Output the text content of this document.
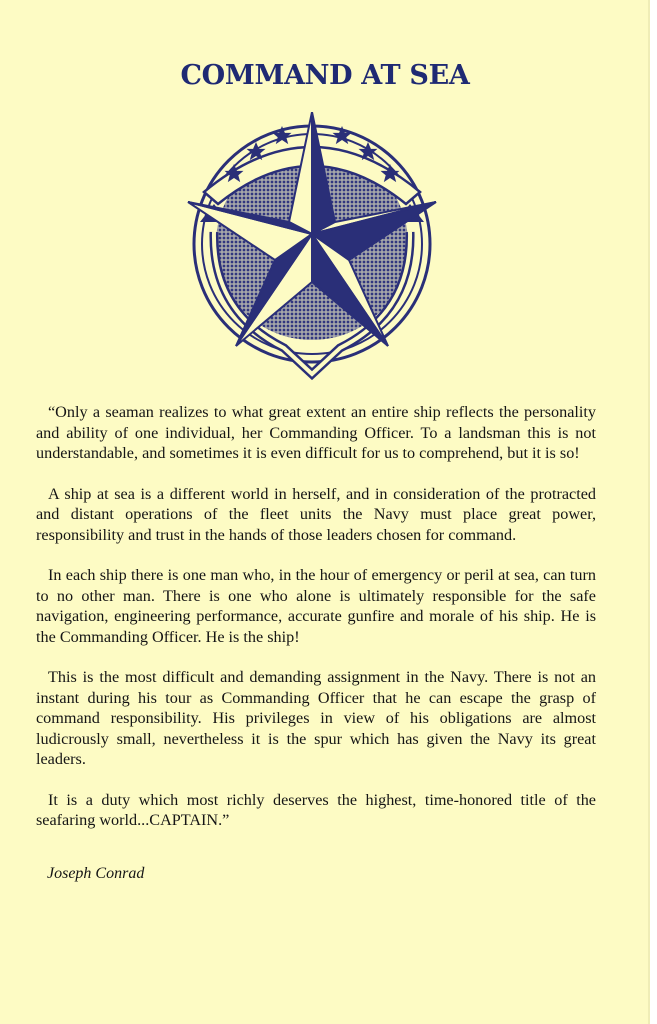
COMMAND AT SEA

“Only a seaman realizes to what great extent an entire ship reflects the personality and ability of one individual, her Commanding Officer. To a landsman this is not understandable, and sometimes it is even difficult for us to comprehend, but it is so!

A ship at sea is a different world in herself, and in consideration of the protracted and distant operations of the fleet units the Navy must place great power, responsibility and trust in the hands of those leaders chosen for command.

In each ship there is one man who, in the hour of emergency or peril at sea, can turn to no other man. There is one who alone is ultimately responsible for the safe navigation, engineering performance, accurate gunfire and morale of his ship. He is the Commanding Officer. He is the ship!

This is the most difficult and demanding assignment in the Navy. There is not an instant during his tour as Commanding Officer that he can escape the grasp of command responsibility. His privileges in view of his obligations are almost ludicrously small, nevertheless it is the spur which has given the Navy its great leaders.

It is a duty which most richly deserves the highest, time-honored title of the seafaring world...CAPTAIN.”

Joseph Conrad
